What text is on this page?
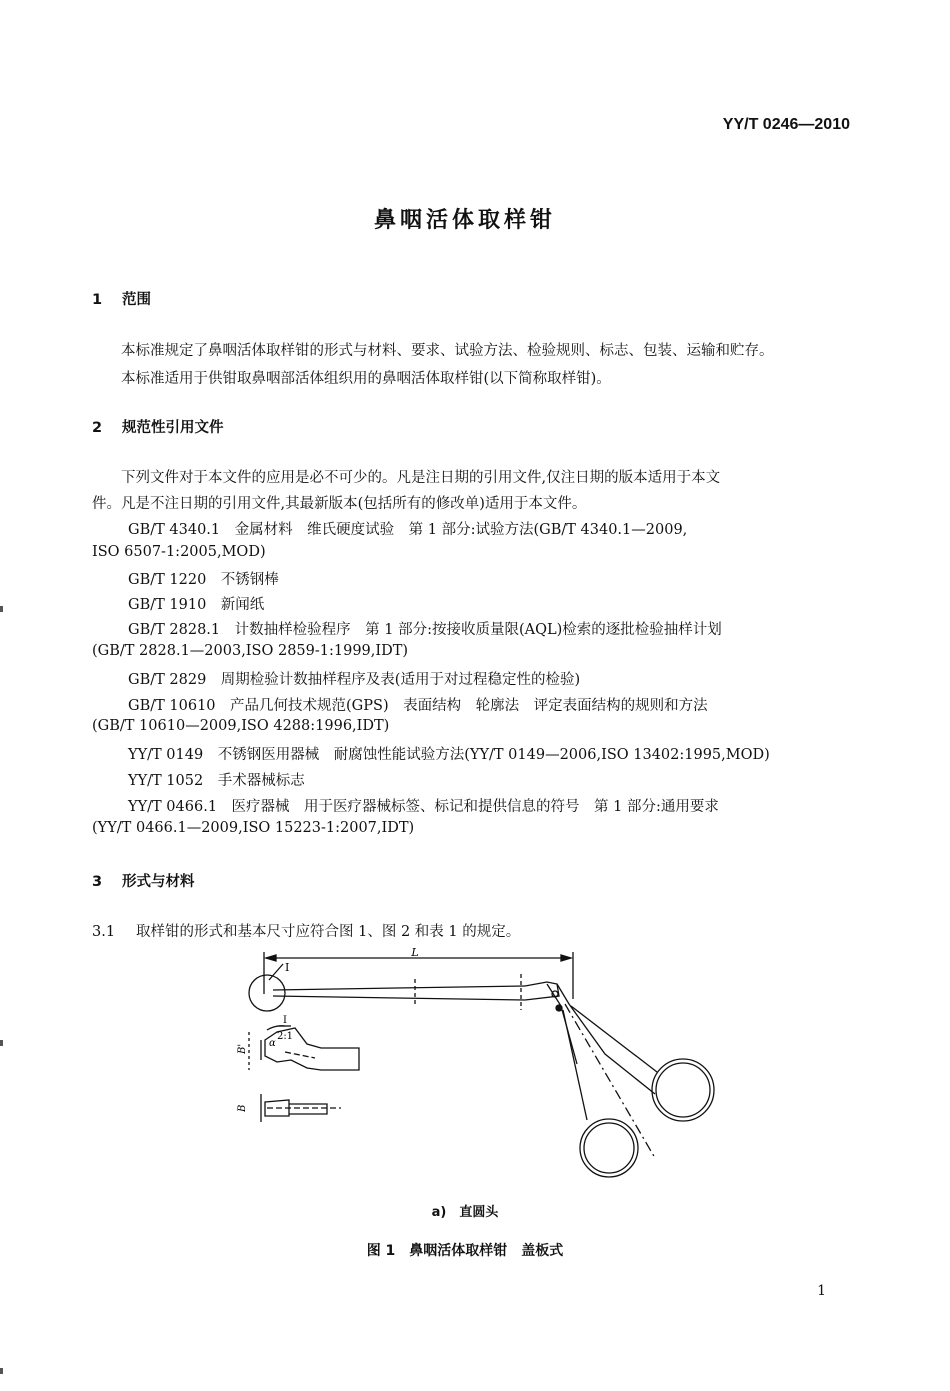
YY/T 0246—2010
鼻咽活体取样钳
1 范围
本标准规定了鼻咽活体取样钳的形式与材料、要求、试验方法、检验规则、标志、包装、运输和贮存。
本标准适用于供钳取鼻咽部活体组织用的鼻咽活体取样钳(以下简称取样钳)。
2 规范性引用文件
下列文件对于本文件的应用是必不可少的。凡是注日期的引用文件,仅注日期的版本适用于本文
件。凡是不注日期的引用文件,其最新版本(包括所有的修改单)适用于本文件。
GB/T 4340.1　金属材料　维氏硬度试验　第 1 部分:试验方法(GB/T 4340.1—2009,
ISO 6507-1:2005,MOD)
GB/T 1220　不锈钢棒
GB/T 1910　新闻纸
GB/T 2828.1　计数抽样检验程序　第 1 部分:按接收质量限(AQL)检索的逐批检验抽样计划
(GB/T 2828.1—2003,ISO 2859-1:1999,IDT)
GB/T 2829　周期检验计数抽样程序及表(适用于对过程稳定性的检验)
GB/T 10610　产品几何技术规范(GPS)　表面结构　轮廓法　评定表面结构的规则和方法
(GB/T 10610—2009,ISO 4288:1996,IDT)
YY/T 0149　不锈钢医用器械　耐腐蚀性能试验方法(YY/T 0149—2006,ISO 13402:1995,MOD)
YY/T 1052　手术器械标志
YY/T 0466.1　医疗器械　用于医疗器械标签、标记和提供信息的符号　第 1 部分:通用要求
(YY/T 0466.1—2009,ISO 15223-1:2007,IDT)
3 形式与材料
3.1 取样钳的形式和基本尺寸应符合图 1、图 2 和表 1 的规定。
L
I
I
2:1
α
B'
B
a)　直圆头
图 1　鼻咽活体取样钳　盖板式
1
